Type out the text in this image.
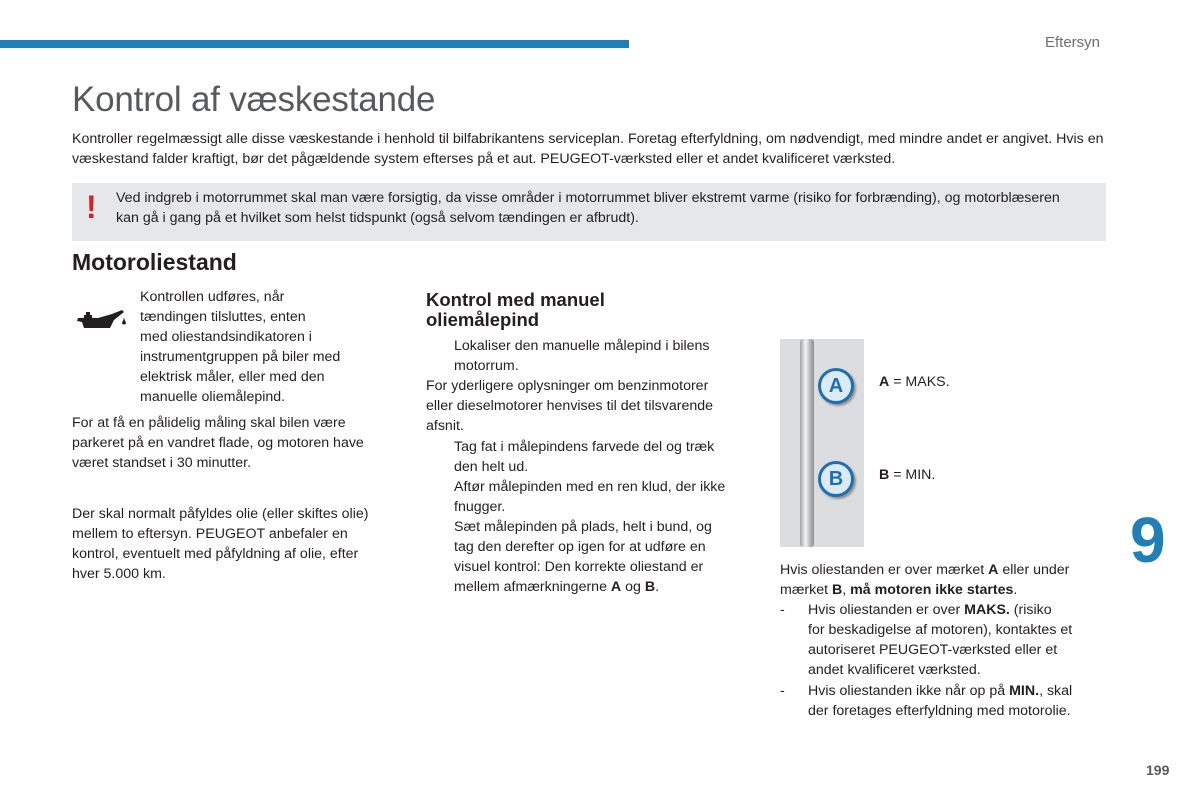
Eftersyn
Kontrol af væskestande

Kontroller regelmæssigt alle disse væskestande i henhold til bilfabrikantens serviceplan. Foretag efterfyldning, om nødvendigt, med mindre andet er angivet. Hvis en væskestand falder kraftigt, bør det pågældende system efterses på et aut. PEUGEOT-værksted eller et andet kvalificeret værksted.

! Ved indgreb i motorrummet skal man være forsigtig, da visse områder i motorrummet bliver ekstremt varme (risiko for forbrænding), og motorblæseren kan gå i gang på et hvilket som helst tidspunkt (også selvom tændingen er afbrudt).

Motoroliestand

Kontrollen udføres, når

tændingen tilsluttes, enten

med oliestandsindikatoren i

instrumentgruppen på biler med

elektrisk måler, eller med den

manuelle oliemålepind.

For at få en pålidelig måling skal bilen være

parkeret på en vandret flade, og motoren have

været standset i 30 minutter.

Der skal normalt påfyldes olie (eller skiftes olie)

mellem to eftersyn. PEUGEOT anbefaler en

kontrol, eventuelt med påfyldning af olie, efter

hver 5.000 km.

Kontrol med manuel oliemålepind
Lokaliser den manuelle målepind i bilens
motorrum.

For yderligere oplysninger om benzinmotorer

eller dieselmotorer henvises til det tilsvarende

afsnit.

Tag fat i målepindens farvede del og træk
den helt ud.
Aftør målepinden med en ren klud, der ikke
fnugger.
Sæt målepinden på plads, helt i bund, og
tag den derefter op igen for at udføre en
visuel kontrol: Den korrekte oliestand er
mellem afmærkningerne A og B.
A
B

A = MAKS.

B = MIN.

Hvis oliestanden er over mærket A eller under

mærket B, må motoren ikke startes.

- Hvis oliestanden er over MAKS. (risiko
for beskadigelse af motoren), kontaktes et
autoriseret PEUGEOT-værksted eller et
andet kvalificeret værksted.
- Hvis oliestanden ikke når op på MIN., skal
der foretages efterfyldning med motorolie.
9
199
